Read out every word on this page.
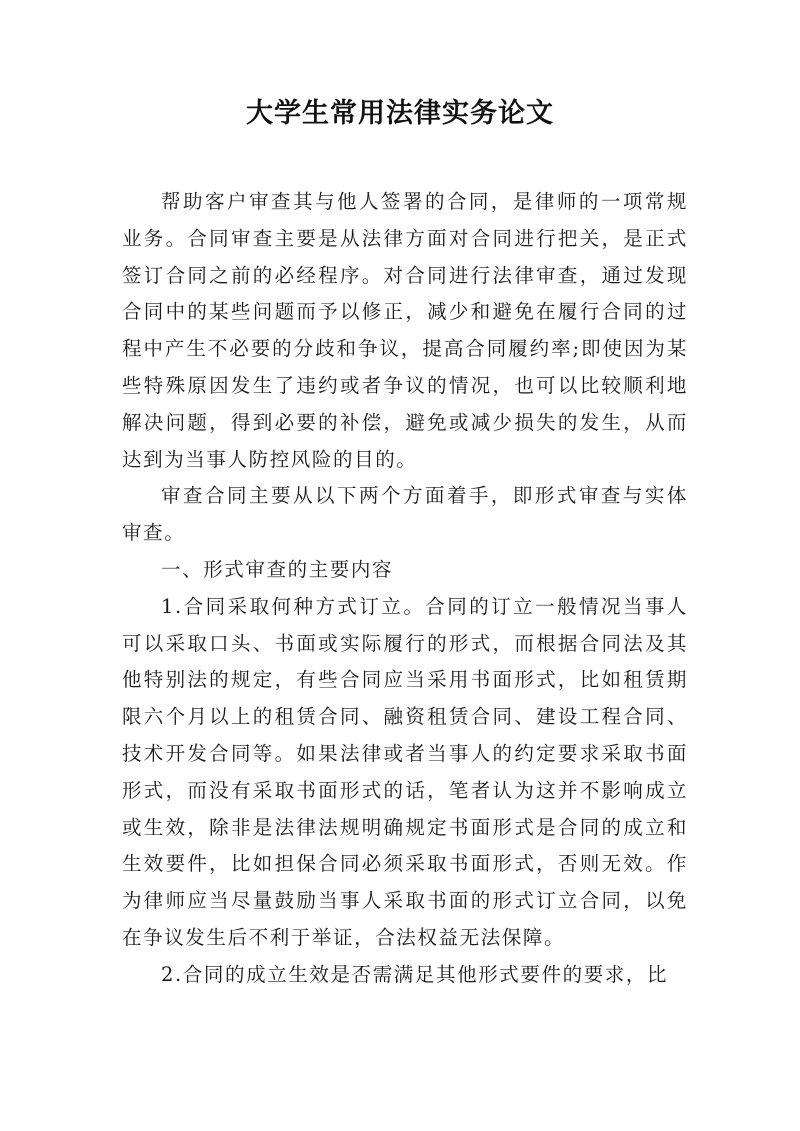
大学生常用法律实务论文

帮助客户审查其与他人签署的合同，是律师的一项常规业务。合同审查主要是从法律方面对合同进行把关，是正式签订合同之前的必经程序。对合同进行法律审查，通过发现合同中的某些问题而予以修正，减少和避免在履行合同的过程中产生不必要的分歧和争议，提高合同履约率;即使因为某些特殊原因发生了违约或者争议的情况，也可以比较顺利地解决问题，得到必要的补偿，避免或减少损失的发生，从而达到为当事人防控风险的目的。

审查合同主要从以下两个方面着手，即形式审查与实体审查。

一、形式审查的主要内容

1.合同采取何种方式订立。合同的订立一般情况当事人可以采取口头、书面或实际履行的形式，而根据合同法及其他特别法的规定，有些合同应当采用书面形式，比如租赁期限六个月以上的租赁合同、融资租赁合同、建设工程合同、技术开发合同等。如果法律或者当事人的约定要求采取书面形式，而没有采取书面形式的话，笔者认为这并不影响成立或生效，除非是法律法规明确规定书面形式是合同的成立和生效要件，比如担保合同必须采取书面形式，否则无效。作为律师应当尽量鼓励当事人采取书面的形式订立合同，以免在争议发生后不利于举证，合法权益无法保障。

2.合同的成立生效是否需满足其他形式要件的要求，比
